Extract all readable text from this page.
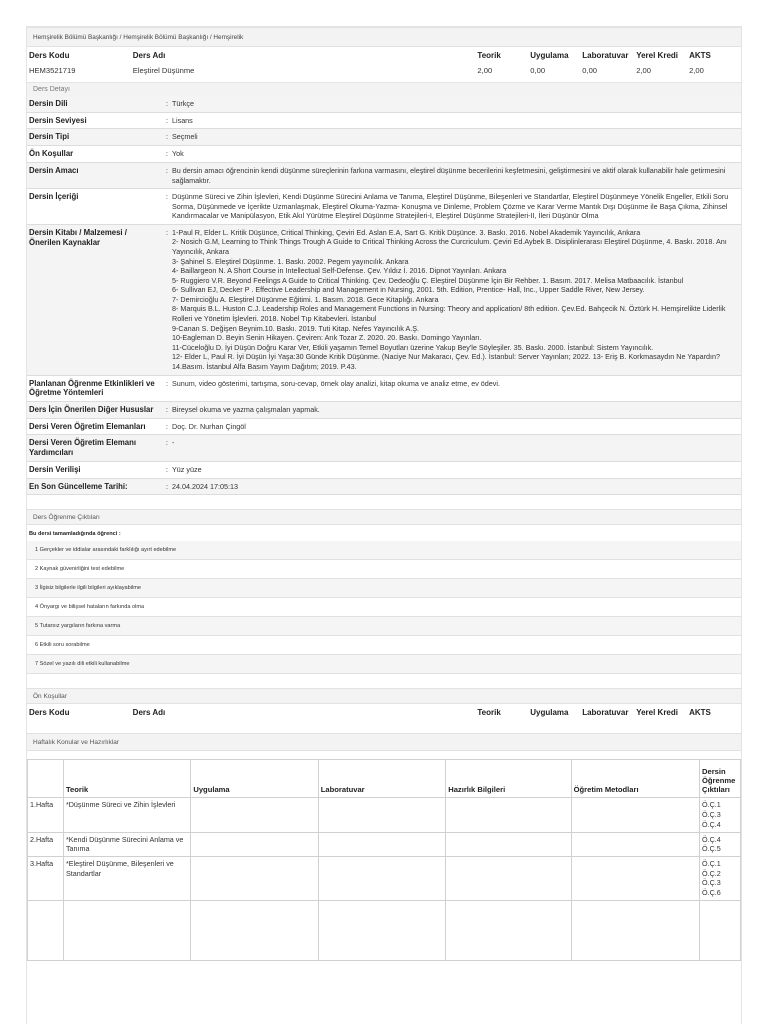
Hemşirelik Bölümü Başkanlığı / Hemşirelik Bölümü Başkanlığı / Hemşirelik
Ders Kodu	Ders Adı	Teorik	Uygulama	Laboratuvar	Yerel Kredi	AKTS
HEM3521719	Eleştirel Düşünme	2,00	0,00	0,00	2,00	2,00
Ders Detayı
Dersin Dili	: Türkçe
Dersin Seviyesi	: Lisans
Dersin Tipi	: Seçmeli
Ön Koşullar	: Yok
Dersin Amacı	: Bu dersin amacı öğrencinin kendi düşünme süreçlerinin farkına varmasını, eleştirel düşünme becerilerini keşfetmesini, geliştirmesini ve aktif olarak kullanabilir hale getirmesini sağlamaktır.
Dersin İçeriği	: Düşünme Süreci ve Zihin İşlevleri, Kendi Düşünme Sürecini Anlama ve Tanıma, Eleştirel Düşünme, Bileşenleri ve Standartlar, Eleştirel Düşünmeye Yönelik Engeller, Etkili Soru Sorma, Düşünmede ve İçerikte Uzmanlaşmak, Eleştirel Okuma-Yazma- Konuşma ve Dinleme, Problem Çözme ve Karar Verme Mantık Dışı Düşünme ile Başa Çıkma, Zihinsel Kandırmacalar ve Manipülasyon, Etik Akıl Yürütme Eleştirel Düşünme Stratejileri-I, Eleştirel Düşünme Stratejileri-II, İleri Düşünür Olma
Dersin Kitabı / Malzemesi / Önerilen Kaynaklar
: 1-Paul R, Elder L. Kritik Düşünce, Critical Thinking, Çeviri Ed. Aslan E.A, Sart G. Kritik Düşünce. 3. Baskı. 2016. Nobel Akademik Yayıncılık, Ankara
2- Nosich G.M, Learning to Think Things Trough A Guide to Critical Thinking Across the Curcriculum. Çeviri Ed.Aybek B. Disiplinlerarası Eleştirel Düşünme, 4. Baskı. 2018. Anı Yayıncılık, Ankara
3- Şahinel S. Eleştirel Düşünme. 1. Baskı. 2002. Pegem yayıncılık. Ankara
4- Baillargeon N. A Short Course in Intellectual Self-Defense. Çev. Yıldız İ. 2016. Dipnot Yayınları. Ankara
5- Ruggiero V.R. Beyond Feelings A Guide to Critical Thinking. Çev. Dedeoğlu Ç. Eleştirel Düşünme İçin Bir Rehber. 1. Basım. 2017. Melisa Matbaacılık. İstanbul
6- Sullivan EJ, Decker P . Effective Leadership and Management in Nursing, 2001. 5th. Edition, Prentice- Hall, Inc., Upper Saddle River, New Jersey.
7- Demircioğlu A. Eleştirel Düşünme Eğitimi. 1. Basım. 2018. Gece Kitaplığı. Ankara
8- Marquis B.L. Huston C.J. Leadership Roles and Management Functions in Nursing: Theory and application/ 8th edition. Çev.Ed. Bahçecik N. Öztürk H. Hemşirelikte Liderlik Rolleri ve Yönetim İşlevleri. 2018. Nobel Tıp Kitabevleri. İstanbul
9-Canan S. Değişen Beynim.10. Baskı. 2019. Tuti Kitap. Nefes Yayıncılık A.Ş.
10-Eagleman D. Beyin Senin Hikayen. Çeviren: Arık Tozar Z. 2020. 20. Baskı. Domingo Yayınları.
11-Cüceloğlu D. İyi Düşün Doğru Karar Ver, Etkili yaşamın Temel Boyutları üzerine Yakup Bey'le Söyleşiler. 35. Baskı. 2000. İstanbul: Sistem Yayıncılık.
12- Elder L, Paul R. İyi Düşün İyi Yaşa:30 Günde Kritik Düşünme. (Naciye Nur Makaracı, Çev. Ed.). İstanbul: Server Yayınları; 2022. 13- Eriş B. Korkmasaydın Ne Yapardın? 14.Basım. İstanbul Alfa Basım Yayım Dağıtım; 2019. P.43.
Planlanan Öğrenme Etkinlikleri ve Öğretme Yöntemleri
: Sunum, video gösterimi, tartışma, soru-cevap, örnek olay analizi, kitap okuma ve analiz etme, ev ödevi.
Ders İçin Önerilen Diğer Hususlar	: Bireysel okuma ve yazma çalışmaları yapmak.
Dersi Veren Öğretim Elemanları	: Doç. Dr. Nurhan Çingöl
Dersi Veren Öğretim Elemanı Yardımcıları
: -
Dersin Verilişi	: Yüz yüze
En Son Güncelleme Tarihi:	: 24.04.2024 17:05:13
Ders Öğrenme Çıktıları
Bu dersi tamamladığında öğrenci :
1 Gerçekler ve iddialar arasındaki farklılığı ayırt edebilme
2 Kaynak güvenirliğini test edebilme
3 İlgisiz bilgilerle ilgili bilgileri ayıklayabilme
4 Önyargı ve bilişsel hataların farkında olma
5 Tutarsız yargıların farkına varma
6 Etkili soru sorabilme
7 Sözel ve yazılı dili etkili kullanabilme
Ön Koşullar
Ders Kodu	Ders Adı	Teorik	Uygulama	Laboratuvar	Yerel Kredi	AKTS
Haftalık Konular ve Hazırlıklar
	Teorik	Uygulama	Laboratuvar	Hazırlık Bilgileri	Öğretim Metodları	Dersin Öğrenme Çıktıları
1.Hafta	*Düşünme Süreci ve Zihin İşlevleri					Ö.Ç.1
Ö.Ç.3
Ö.Ç.4
2.Hafta	*Kendi Düşünme Sürecini Anlama ve Tanıma					Ö.Ç.4
Ö.Ç.5
3.Hafta	*Eleştirel Düşünme, Bileşenleri ve Standartlar					Ö.Ç.1
Ö.Ç.2
Ö.Ç.3
Ö.Ç.6
